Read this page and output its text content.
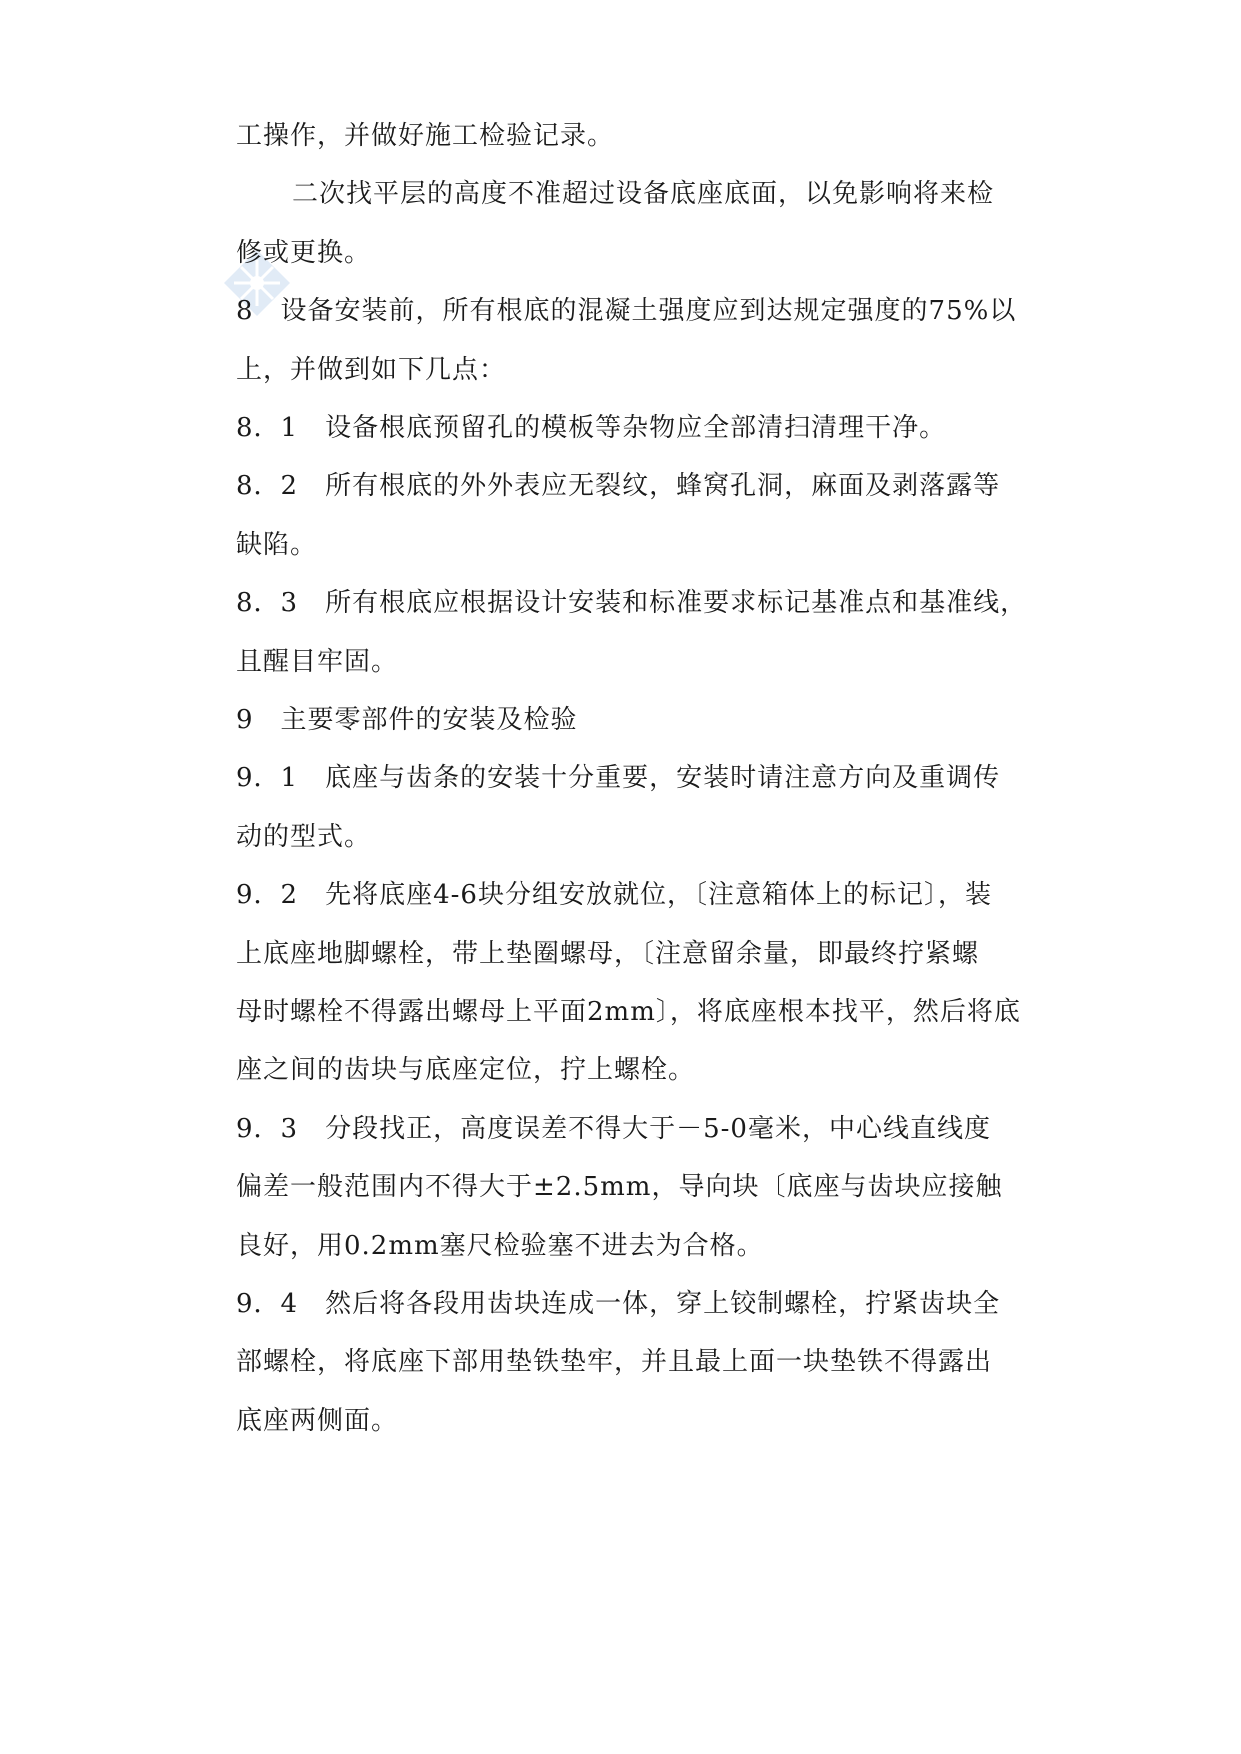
工操作，并做好施工检验记录。

二次找平层的高度不准超过设备底座底面，以免影响将来检

修或更换。

8　设备安装前，所有根底的混凝土强度应到达规定强度的75%以

上，并做到如下几点：

8．1　设备根底预留孔的模板等杂物应全部清扫清理干净。

8．2　所有根底的外外表应无裂纹，蜂窝孔洞，麻面及剥落露等

缺陷。

8．3　所有根底应根据设计安装和标准要求标记基准点和基准线，

且醒目牢固。

9　主要零部件的安装及检验

9．1　底座与齿条的安装十分重要，安装时请注意方向及重调传

动的型式。

9．2　先将底座4-6块分组安放就位，〔注意箱体上的标记〕，装

上底座地脚螺栓，带上垫圈螺母，〔注意留余量，即最终拧紧螺

母时螺栓不得露出螺母上平面2mm〕，将底座根本找平，然后将底

座之间的齿块与底座定位，拧上螺栓。

9．3　分段找正，高度误差不得大于－5-0毫米，中心线直线度

偏差一般范围内不得大于±2.5mm，导向块〔底座与齿块应接触

良好，用0.2mm塞尺检验塞不进去为合格。

9．4　然后将各段用齿块连成一体，穿上铰制螺栓，拧紧齿块全

部螺栓，将底座下部用垫铁垫牢，并且最上面一块垫铁不得露出

底座两侧面。
